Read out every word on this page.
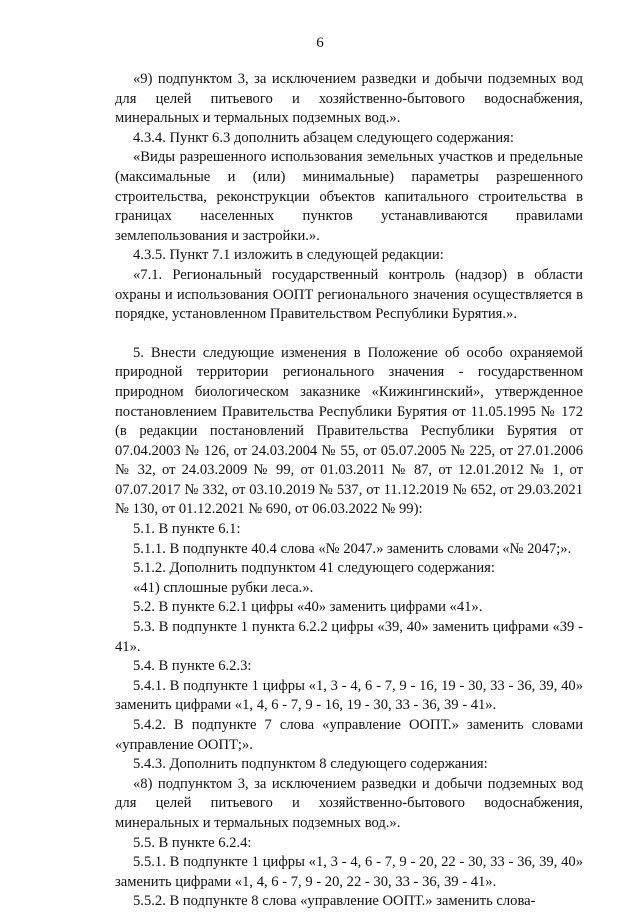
6

«9) подпунктом 3, за исключением разведки и добычи подземных вод для целей питьевого и хозяйственно-бытового водоснабжения, минеральных и термальных подземных вод.».

4.3.4. Пункт 6.3 дополнить абзацем следующего содержания:

«Виды разрешенного использования земельных участков и предельные (максимальные и (или) минимальные) параметры разрешенного строительства, реконструкции объектов капитального строительства в границах населенных пунктов устанавливаются правилами землепользования и застройки.».

4.3.5. Пункт 7.1 изложить в следующей редакции:

«7.1. Региональный государственный контроль (надзор) в области охраны и использования ООПТ регионального значения осуществляется в порядке, установленном Правительством Республики Бурятия.».

5. Внести следующие изменения в Положение об особо охраняемой природной территории регионального значения - государственном природном биологическом заказнике «Кижингинский», утвержденное постановлением Правительства Республики Бурятия от 11.05.1995 № 172 (в редакции постановлений Правительства Республики Бурятия от 07.04.2003 № 126, от 24.03.2004 № 55, от 05.07.2005 № 225, от 27.01.2006 № 32, от 24.03.2009 № 99, от 01.03.2011 № 87, от 12.01.2012 № 1, от 07.07.2017 № 332, от 03.10.2019 № 537, от 11.12.2019 № 652, от 29.03.2021 № 130, от 01.12.2021 № 690, от 06.03.2022 № 99):

5.1. В пункте 6.1:

5.1.1. В подпункте 40.4 слова «№ 2047.» заменить словами «№ 2047;».

5.1.2. Дополнить подпунктом 41 следующего содержания:

«41) сплошные рубки леса.».

5.2. В пункте 6.2.1 цифры «40» заменить цифрами «41».

5.3. В подпункте 1 пункта 6.2.2 цифры «39, 40» заменить цифрами «39 - 41».

5.4. В пункте 6.2.3:

5.4.1. В подпункте 1 цифры «1, 3 - 4, 6 - 7, 9 - 16, 19 - 30, 33 - 36, 39, 40» заменить цифрами «1, 4, 6 - 7, 9 - 16, 19 - 30, 33 - 36, 39 - 41».

5.4.2. В подпункте 7 слова «управление ООПТ.» заменить словами «управление ООПТ;».

5.4.3. Дополнить подпунктом 8 следующего содержания:

«8) подпунктом 3, за исключением разведки и добычи подземных вод для целей питьевого и хозяйственно-бытового водоснабжения, минеральных и термальных подземных вод.».

5.5. В пункте 6.2.4:

5.5.1. В подпункте 1 цифры «1, 3 - 4, 6 - 7, 9 - 20, 22 - 30, 33 - 36, 39, 40» заменить цифрами «1, 4, 6 - 7, 9 - 20, 22 - 30, 33 - 36, 39 - 41».

5.5.2. В подпункте 8 слова «управление ООПТ.» заменить слова-
